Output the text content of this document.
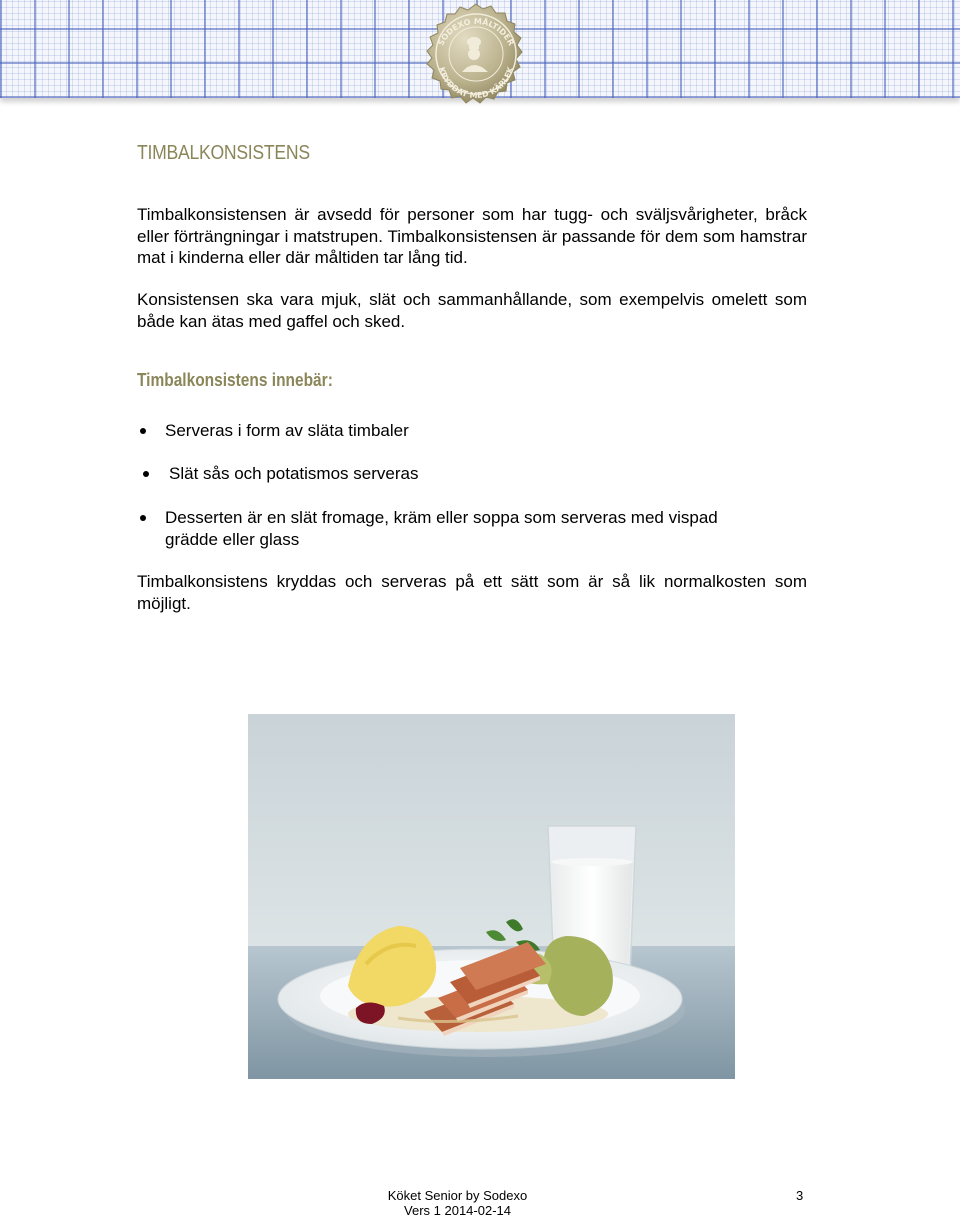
SODEXO MÅLTIDER
KRYDDAT MED KÄRLEK
TIMBALKONSISTENS

Timbalkonsistensen är avsedd för personer som har tugg- och sväljsvårigheter, bråck eller förträngningar i matstrupen. Timbalkonsistensen är passande för dem som hamstrar mat i kinderna eller där måltiden tar lång tid.

Konsistensen ska vara mjuk, slät och sammanhållande, som exempelvis omelett som både kan ätas med gaffel och sked.

Timbalkonsistens innebär:
Serveras i form av släta timbaler
Slät sås och potatismos serveras
Desserten är en slät fromage, kräm eller soppa som serveras med vispad grädde eller glass

Timbalkonsistens kryddas och serveras på ett sätt som är så lik normalkosten som möjligt.

Köket Senior by Sodexo
Vers 1 2014-02-14
3
